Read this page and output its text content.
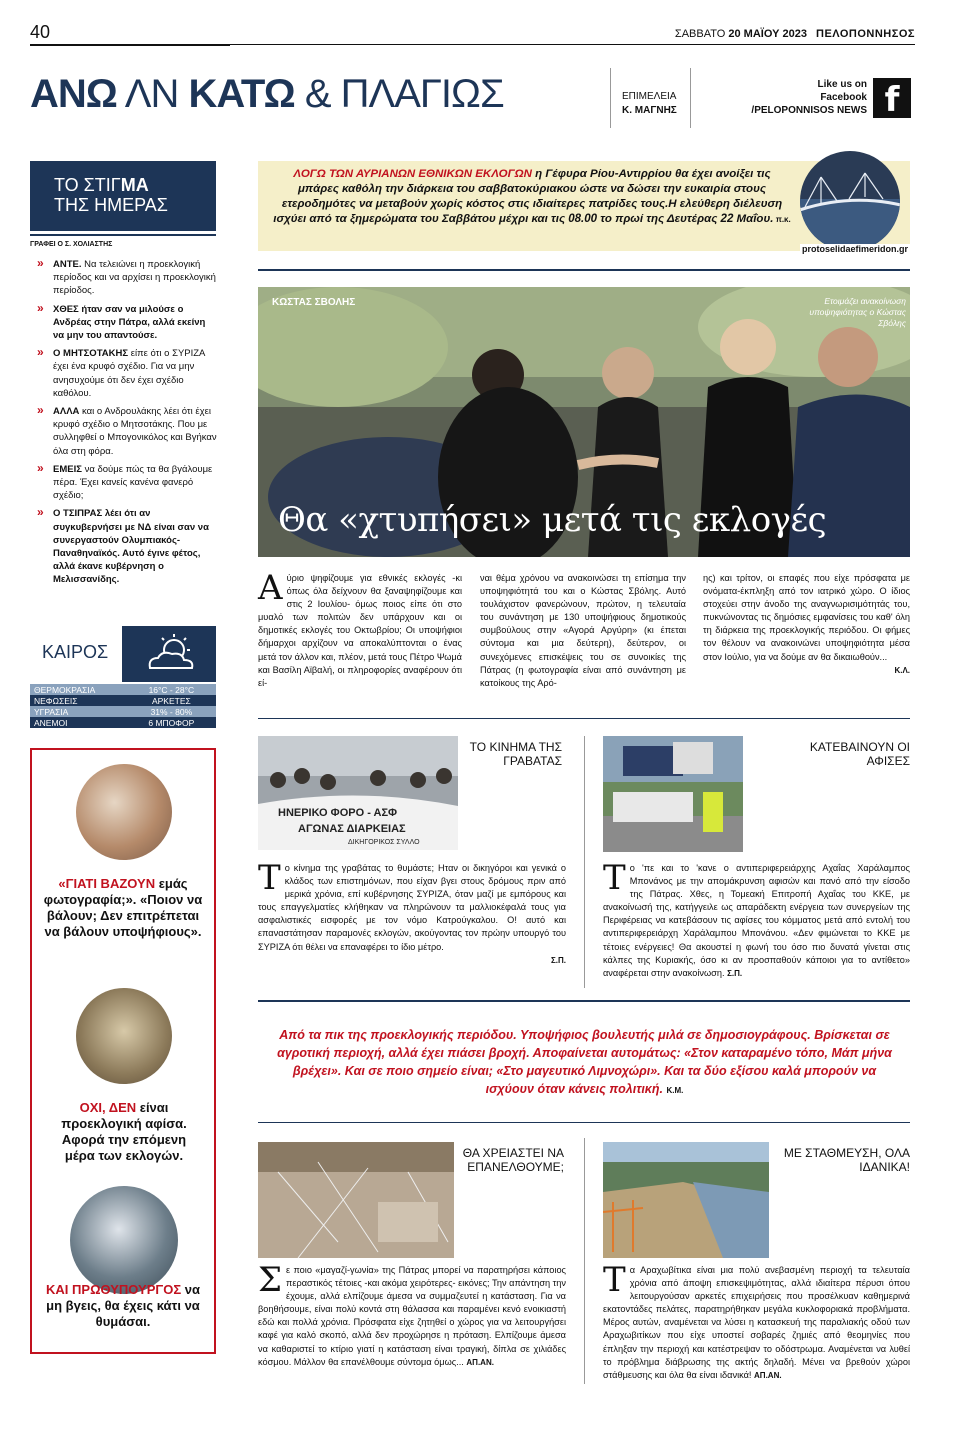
40	ΣΑΒΒΑΤΟ 20 ΜΑΪΟΥ 2023 ΠΕΛΟΠΟΝΝΗΣΟΣ
ΑΝΩ ΛΝ ΚΑΤΩ & ΠΛΑΓΙΩΣ	ΕΠΙΜΕΛΕΙΑ
Κ. ΜΑΓΝΗΣ
Like us on
Facebook
/PELOPONNISOS NEWS f
ΤΟ ΣΤΙΓΜΑ
ΤΗΣ ΗΜΕΡΑΣ
ΓΡΑΦΕΙ Ο Σ. ΧΟΛΙΑΣΤΗΣ
» ΑΝΤΕ. Να τελειώνει η προεκλογική περίοδος και να αρχίσει η προεκλογική περίοδος.
» ΧΘΕΣ ήταν σαν να μιλούσε ο Ανδρέας στην Πάτρα, αλλά εκείνη να μην του απαντούσε.
» Ο ΜΗΤΣΟΤΑΚΗΣ είπε ότι ο ΣΥΡΙΖΑ έχει ένα κρυφό σχέδιο. Για να μην ανησυχούμε ότι δεν έχει σχέδιο καθόλου.
» ΑΛΛΑ και ο Ανδρουλάκης λέει ότι έχει κρυφό σχέδιο ο Μητσοτάκης. Που με συλληφθεί ο Μπογονικόλος και Βγήκαν όλα στη φόρα.
» ΕΜΕΙΣ να δούμε πώς τα θα βγάλουμε πέρα. Έχει κανείς κανένα φανερό σχέδιο;
» Ο ΤΣΙΠΡΑΣ λέει ότι αν συγκυβερνήσει με ΝΔ είναι σαν να συνεργαστούν Ολυμπιακός- Παναθηναϊκός. Αυτό έγινε φέτος, αλλά έκανε κυβέρνηση ο Μελισσανίδης.
ΚΑΙΡΟΣ
ΘΕΡΜΟΚΡΑΣΙΑ	16°C - 28°C
ΝΕΦΩΣΕΙΣ	ΑΡΚΕΤΕΣ
ΥΓΡΑΣΙΑ	31% - 80%
ΑΝΕΜΟΙ	6 ΜΠΟΦΟΡ
«ΓΙΑΤΙ ΒΑΖΟΥΝ εμάς φωτογραφία;». «Ποιον να βάλουν; Δεν επιτρέπεται να βάλουν υποψήφιους».
ΟΧΙ, ΔΕΝ είναι προεκλογική αφίσα. Αφορά την επόμενη μέρα των εκλογών.
ΚΑΙ ΠΡΩΘΥΠΟΥΡΓΟΣ να μη βγεις, θα έχεις κάτι να θυμάσαι.
ΛΟΓΩ ΤΩΝ ΑΥΡΙΑΝΩΝ ΕΘΝΙΚΩΝ ΕΚΛΟΓΩΝ η Γέφυρα Ρίου-Αντιρρίου θα έχει ανοίξει τις μπάρες καθόλη την διάρκεια του σαββατοκύριακου ώστε να δώσει την ευκαιρία στους ετεροδημότες να μεταβούν χωρίς κόστος στις ιδιαίτερες πατρίδες τους.Η ελεύθερη διέλευση ισχύει από τα ξημερώματα του Σαββάτου μέχρι και τις 08.00 το πρωί της Δευτέρας 22 Μαΐου. π.κ.
protoselidaefimeridon.gr
ΚΩΣΤΑΣ ΣΒΟΛΗΣ	Ετοιμάζει ανακοίνωση υποψηφιότητας ο Κώστας Σβόλης
Θα «χτυπήσει» μετά τις εκλογές
Αύριο ψηφίζουμε για εθνικές εκλογές -κι όπως όλα δείχνουν θα ξαναψηφίζουμε και στις 2 Ιουλίου- όμως ποιος είπε ότι στο μυαλό των πολιτών δεν υπάρχουν και οι δημοτικές εκλογές του Οκτωβρίου; Οι υποψήφιοι δήμαρχοι αρχίζουν να αποκαλύπτονται ο ένας μετά τον άλλον και, πλέον, μετά τους Πέτρο Ψωμά και Βασίλη Αϊβαλή, οι πληροφορίες αναφέρουν ότι εί-
ναι θέμα χρόνου να ανακοινώσει τη επίσημα την υποψηφιότητά του και ο Κώστας Σβόλης. Αυτό τουλάχιστον φανερώνουν, πρώτον, η τελευταία του συνάντηση με 130 υποψήφιους δημοτικούς συμβούλους στην «Αγορά Αργύρη» (κι έπεται σύντομα και μια δεύτερη), δεύτερον, οι συνεχόμενες επισκέψεις του σε συνοικίες της Πάτρας (η φωτογραφία είναι από συνάντηση με κατοίκους της Αρό-
ης) και τρίτον, οι επαφές που είχε πρόσφατα με ονόματα-έκπληξη από τον ιατρικό χώρο. Ο ίδιος στοχεύει στην άνοδο της αναγνωρισιμότητάς του, πυκνώνοντας τις δημόσιες εμφανίσεις του καθ' όλη τη διάρκεια της προεκλογικής περιόδου. Οι φήμες τον θέλουν να ανακοινώνει υποψηφιότητα μέσα στον Ιούλιο, για να δούμε αν θα δικαιωθούν...
Κ.Λ.
ΗΝΕΡΙΚΟ ΦΟΡΟ - ΑΣΦ
ΑΓΩΝΑΣ ΔΙΑΡΚΕΙΑΣ
ΔΙΚΗΓΟΡΙΚΟΣ ΣΥΛΛΟ
ΤΟ ΚΙΝΗΜΑ ΤΗΣ ΓΡΑΒΑΤΑΣ
Το κίνημα της γραβάτας το θυμάστε; Ηταν οι δικηγόροι και γενικά ο κλάδος των επιστημόνων, που είχαν βγει στους δρόμους πριν από μερικά χρόνια, επί κυβέρνησης ΣΥΡΙΖΑ, όταν μαζί με εμπόρους και τους επαγγελματίες κλήθηκαν να πληρώνουν τα μαλλιοκέφαλά τους για ασφαλιστικές εισφορές με τον νόμο Κατρούγκαλου. Ο! αυτό και επαναστάτησαν παραμονές εκλογών, ακούγοντας τον πρώην υπουργό του ΣΥΡΙΖΑ ότι θέλει να επαναφέρει το ίδιο μέτρο.
Σ.Π.
ΚΑΤΕΒΑΙΝΟΥΝ ΟΙ ΑΦΙΣΕΣ
Το 'πε και το 'κανε ο αντιπεριφερειάρχης Αχαΐας Χαράλαμπος Μπονάνος με την απομάκρυνση αφισών και πανό από την είσοδο της Πάτρας. Χθες, η Τομεακή Επιτροπή Αχαΐας του ΚΚΕ, με ανακοίνωσή της, κατήγγειλε ως απαράδεκτη ενέργεια των συνεργείων της Περιφέρειας να κατεβάσουν τις αφίσες του κόμματος μετά από εντολή του αντιπεριφερειάρχη Χαράλαμπου Μπονάνου. «Δεν φιμώνεται το ΚΚΕ με τέτοιες ενέργειες! Θα ακουστεί η φωνή του όσο πιο δυνατά γίνεται στις κάλπες της Κυριακής, όσο κι αν προσπαθούν κάποιοι για το αντίθετο» αναφέρεται στην ανακοίνωση. Σ.Π.
Από τα πικ της προεκλογικής περιόδου. Υποψήφιος βουλευτής μιλά σε δημοσιογράφους. Βρίσκεται σε αγροτική περιοχή, αλλά έχει πιάσει βροχή. Αποφαίνεται αυτομάτως: «Στον καταραμένο τόπο, Μάπ μήνα βρέχει». Και σε ποιο σημείο είναι; «Στο μαγευτικό Λιμνοχώρι». Και τα δύο εξίσου καλά μπορούν να ισχύουν όταν κάνεις πολιτική. Κ.Μ.
ΘΑ ΧΡΕΙΑΣΤΕΙ ΝΑ ΕΠΑΝΕΛΘΟΥΜΕ;
Σε ποιο «μαγαζί-γωνία» της Πάτρας μπορεί να παρατηρήσει κάποιος περαστικός τέτοιες -και ακόμα χειρότερες- εικόνες; Την απάντηση την έχουμε, αλλά ελπίζουμε άμεσα να συμμαζευτεί η κατάσταση. Για να βοηθήσουμε, είναι πολύ κοντά στη θάλασσα και παραμένει κενό ενοικιαστή εδώ και πολλά χρόνια. Πρόσφατα είχε ζητηθεί ο χώρος για να λειτουργήσει καφέ για καλό σκοπό, αλλά δεν προχώρησε η πρόταση. Ελπίζουμε άμεσα να καθαριστεί το κτίριο γιατί η κατάσταση είναι τραγική, δίπλα σε χιλιάδες κόσμου. Μάλλον θα επανέλθουμε σύντομα όμως... ΑΠ.ΑΝ.
ΜΕ ΣΤΑΘΜΕΥΣΗ, ΟΛΑ ΙΔΑΝΙΚΑ!
Τα Αραχωβίτικα είναι μια πολύ ανεβασμένη περιοχή τα τελευταία χρόνια από άποψη επισκεψιμότητας, αλλά ιδιαίτερα πέρυσι όπου λειτουργούσαν αρκετές επιχειρήσεις που προσέλκυαν καθημερινά εκατοντάδες πελάτες, παρατηρήθηκαν μεγάλα κυκλοφοριακά προβλήματα. Μέρος αυτών, αναμένεται να λύσει η κατασκευή της παραλιακής οδού των Αραχωβιτίκων που είχε υποστεί σοβαρές ζημιές από θεομηνίες που έπληξαν την περιοχή και κατέστρεψαν το οδόστρωμα. Αναμένεται να λυθεί το πρόβλημα διάβρωσης της ακτής δηλαδή. Μένει να βρεθούν χώροι στάθμευσης και όλα θα είναι ιδανικά! ΑΠ.ΑΝ.
